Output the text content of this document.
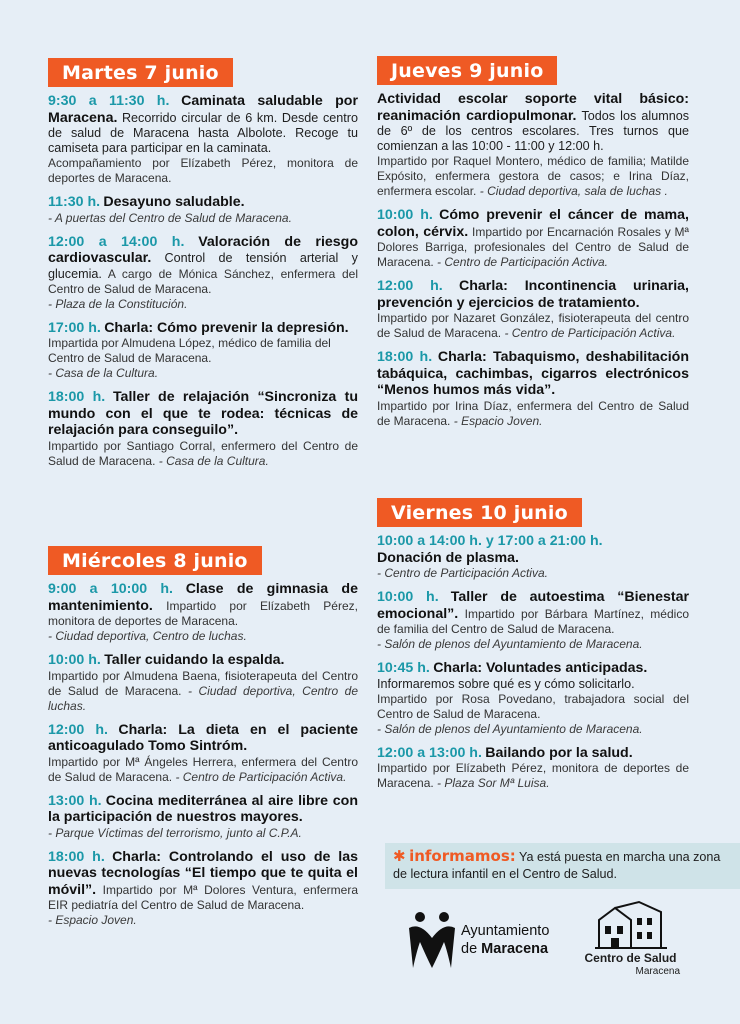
Martes 7 junio

9:30 a 11:30 h. Caminata saludable por Maracena. Recorrido circular de 6 km. Desde centro de salud de Maracena hasta Albolote. Recoge tu camiseta para participar en la caminata.

Acompañamiento por Elízabeth Pérez, monitora de deportes de Maracena.

11:30 h. Desayuno saludable.

- A puertas del Centro de Salud de Maracena.

12:00 a 14:00 h. Valoración de riesgo cardiovascular. Control de tensión arterial y glucemia. A cargo de Mónica Sánchez, enfermera del Centro de Salud de Maracena.

- Plaza de la Constitución.

17:00 h. Charla: Cómo prevenir la depresión.

Impartida por Almudena López, médico de familia del Centro de Salud de Maracena.

- Casa de la Cultura.

18:00 h. Taller de relajación “Sincroniza tu mundo con el que te rodea: técnicas de relajación para conseguilo”.

Impartido por Santiago Corral, enfermero del Centro de Salud de Maracena. - Casa de la Cultura.

Miércoles 8 junio

9:00 a 10:00 h. Clase de gimnasia de mantenimiento. Impartido por Elízabeth Pérez, monitora de deportes de Maracena.

- Ciudad deportiva, Centro de luchas.

10:00 h. Taller cuidando la espalda.

Impartido por Almudena Baena, fisioterapeuta del Centro de Salud de Maracena. - Ciudad deportiva, Centro de luchas.

12:00 h. Charla: La dieta en el paciente anticoagulado Tomo Sintróm.

Impartido por Mª Ángeles Herrera, enfermera del Centro de Salud de Maracena. - Centro de Participación Activa.

13:00 h. Cocina mediterránea al aire libre con la participación de nuestros mayores.

- Parque Víctimas del terrorismo, junto al C.P.A.

18:00 h. Charla: Controlando el uso de las nuevas tecnologías “El tiempo que te quita el móvil”. Impartido por Mª Dolores Ventura, enfermera EIR pediatría del Centro de Salud de Maracena.

- Espacio Joven.

Jueves 9 junio

Actividad escolar soporte vital básico: reanimación cardiopulmonar. Todos los alumnos de 6º de los centros escolares. Tres turnos que comienzan a las 10:00 - 11:00 y 12:00 h.

Impartido por Raquel Montero, médico de familia; Matilde Expósito, enfermera gestora de casos; e Irina Díaz, enfermera escolar. - Ciudad deportiva, sala de luchas .

10:00 h. Cómo prevenir el cáncer de mama, colon, cérvix. Impartido por Encarnación Rosales y Mª Dolores Barriga, profesionales del Centro de Salud de Maracena. - Centro de Participación Activa.

12:00 h. Charla: Incontinencia urinaria, prevención y ejercicios de tratamiento.

Impartido por Nazaret González, fisioterapeuta del centro de Salud de Maracena. - Centro de Participación Activa.

18:00 h. Charla: Tabaquismo, deshabilitación tabáquica, cachimbas, cigarros electrónicos “Menos humos más vida”.

Impartido por Irina Díaz, enfermera del Centro de Salud de Maracena. - Espacio Joven.

Viernes 10 junio

10:00 a 14:00 h. y 17:00 a 21:00 h.

Donación de plasma.

- Centro de Participación Activa.

10:00 h. Taller de autoestima “Bienestar emocional”. Impartido por Bárbara Martínez, médico de familia del Centro de Salud de Maracena.

- Salón de plenos del Ayuntamiento de Maracena.

10:45 h. Charla: Voluntades anticipadas.

Informaremos sobre qué es y cómo solicitarlo.

Impartido por Rosa Povedano, trabajadora social del Centro de Salud de Maracena.

- Salón de plenos del Ayuntamiento de Maracena.

12:00 a 13:00 h. Bailando por la salud.

Impartido por Elízabeth Pérez, monitora de deportes de Maracena. - Plaza Sor Mª Luisa.

✱ informamos: Ya está puesta en marcha una zona de lectura infantil en el Centro de Salud.
Ayuntamiento
de Maracena
Centro de Salud
Maracena
